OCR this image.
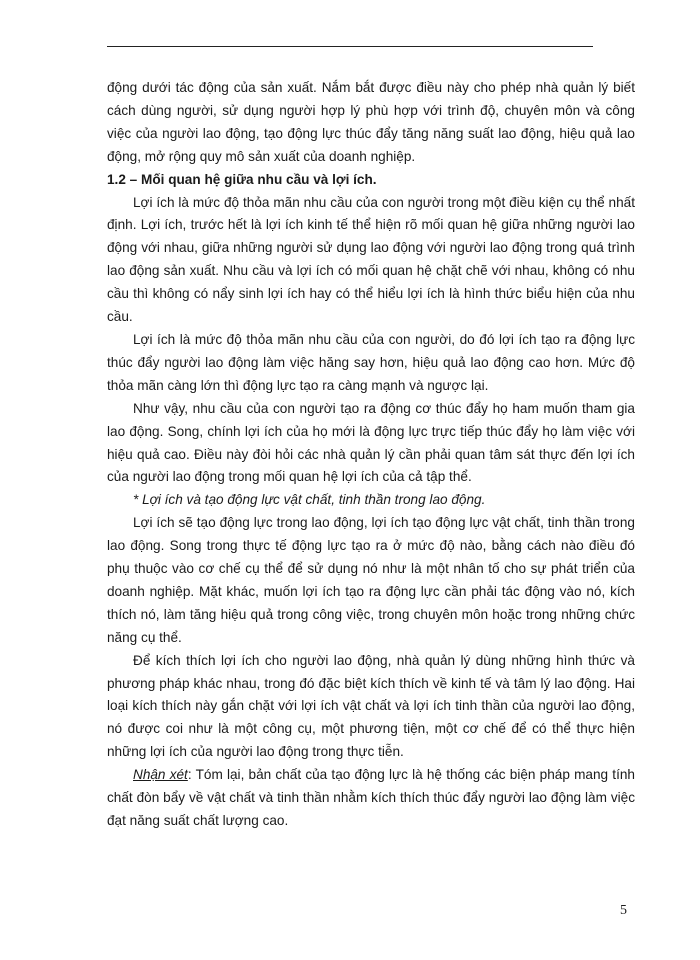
động dưới tác động của sản xuất. Nắm bắt được điều này cho phép nhà quản lý biết cách dùng người, sử dụng người hợp lý phù hợp với trình độ, chuyên môn và công việc của người lao động, tạo động lực thúc đẩy tăng năng suất lao động, hiệu quả lao động, mở rộng quy mô sản xuất của doanh nghiệp.

1.2 – Mối quan hệ giữa nhu cầu và lợi ích.

Lợi ích là mức độ thỏa mãn nhu cầu của con người trong một điều kiện cụ thể nhất định. Lợi ích, trước hết là lợi ích kinh tế thể hiện rõ mối quan hệ giữa những người lao động với nhau, giữa những người sử dụng lao động với người lao động trong quá trình lao động sản xuất. Nhu cầu và lợi ích có mối quan hệ chặt chẽ với nhau, không có nhu cầu thì không có nẩy sinh lợi ích hay có thể hiểu lợi ích là hình thức biểu hiện của nhu cầu.

Lợi ích là mức độ thỏa mãn nhu cầu của con người, do đó lợi ích tạo ra động lực thúc đẩy người lao động làm việc hăng say hơn, hiệu quả lao động cao hơn. Mức độ thỏa mãn càng lớn thì động lực tạo ra càng mạnh và ngược lại.

Như vậy, nhu cầu của con người tạo ra động cơ thúc đẩy họ ham muốn tham gia lao động. Song, chính lợi ích của họ mới là động lực trực tiếp thúc đẩy họ làm việc với hiệu quả cao. Điều này đòi hỏi các nhà quản lý cần phải quan tâm sát thực đến lợi ích của người lao động trong mối quan hệ lợi ích của cả tập thể.

* Lợi ích và tạo động lực vật chất, tinh thần trong lao động.

Lợi ích sẽ tạo động lực trong lao động, lợi ích tạo động lực vật chất, tinh thần trong lao động. Song trong thực tế động lực tạo ra ở mức độ nào, bằng cách nào điều đó phụ thuộc vào cơ chế cụ thể để sử dụng nó như là một nhân tố cho sự phát triển của doanh nghiệp. Mặt khác, muốn lợi ích tạo ra động lực cần phải tác động vào nó, kích thích nó, làm tăng hiệu quả trong công việc, trong chuyên môn hoặc trong những chức năng cụ thể.

Để kích thích lợi ích cho người lao động, nhà quản lý dùng những hình thức và phương pháp khác nhau, trong đó đặc biệt kích thích về kinh tế và tâm lý lao động. Hai loại kích thích này gắn chặt với lợi ích vật chất và lợi ích tinh thần của người lao động, nó được coi như là một công cụ, một phương tiện, một cơ chế để có thể thực hiện những lợi ích của người lao động trong thực tiễn.

Nhận xét: Tóm lại, bản chất của tạo động lực là hệ thống các biện pháp mang tính chất đòn bẩy về vật chất và tinh thần nhằm kích thích thúc đẩy người lao động làm việc đạt năng suất chất lượng cao.

5
